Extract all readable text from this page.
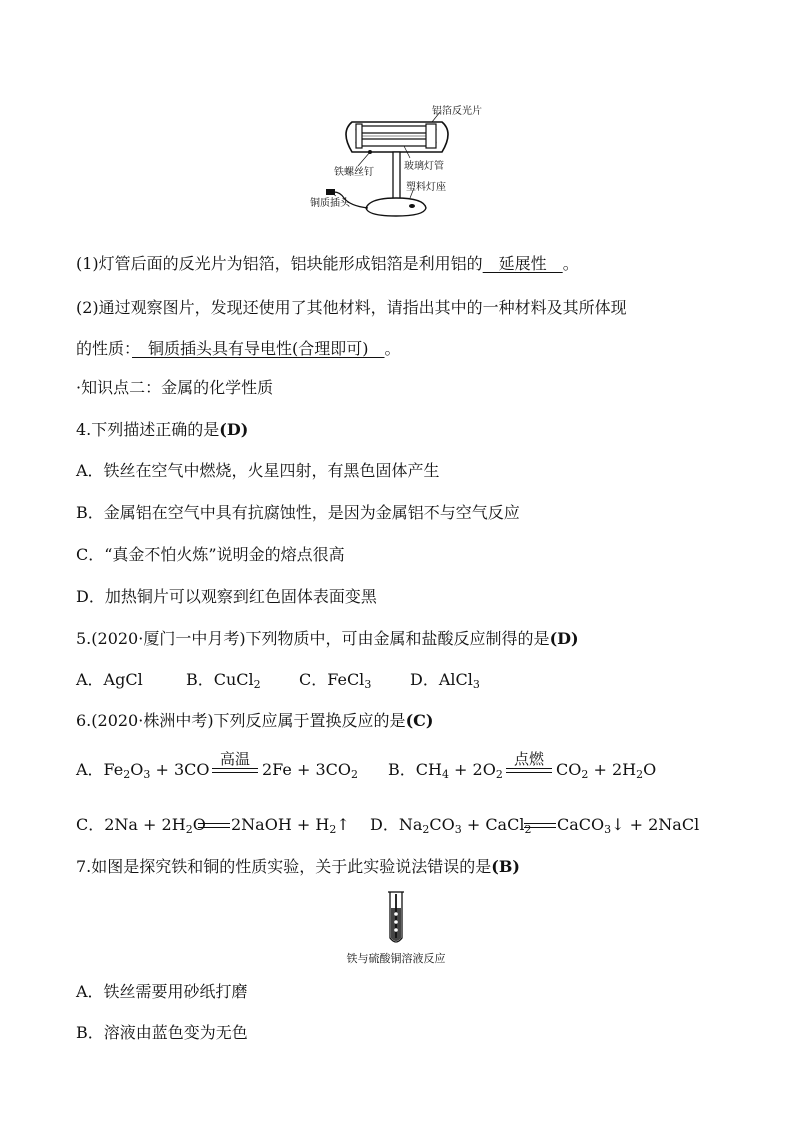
铝箔反光片
玻璃灯管
铁螺丝钉
塑料灯座
铜质插头
(1)灯管后面的反光片为铝箔，铝块能形成铝箔是利用铝的　延展性　。
(2)通过观察图片，发现还使用了其他材料，请指出其中的一种材料及其所体现
的性质：　铜质插头具有导电性(合理即可)　。
·知识点二：金属的化学性质
4.下列描述正确的是(D)
A．铁丝在空气中燃烧，火星四射，有黑色固体产生
B．金属铝在空气中具有抗腐蚀性，是因为金属铝不与空气反应
C．“真金不怕火炼”说明金的熔点很高
D．加热铜片可以观察到红色固体表面变黑
5.(2020·厦门一中月考)下列物质中，可由金属和盐酸反应制得的是(D)
A．AgCl	B．CuCl$_2$ C．FeCl$_3$ D．AlCl$_3$
6.(2020·株洲中考)下列反应属于置换反应的是(C)
A．$Fe_2O_3 + 3CO$
高温
$2Fe + 3CO_2$ B．$CH_4 + 2O_2$
点燃
$CO_2 + 2H_2O$
C．$2Na + 2H_2O$ 2NaOH + $H_2↑$ D．$Na_2CO_3$ + CaCl$_2$ CaCO$_3$↓ + 2NaCl
7.如图是探究铁和铜的性质实验，关于此实验说法错误的是(B)
铁与硫酸铜溶液反应
A．铁丝需要用砂纸打磨
B．溶液由蓝色变为无色
